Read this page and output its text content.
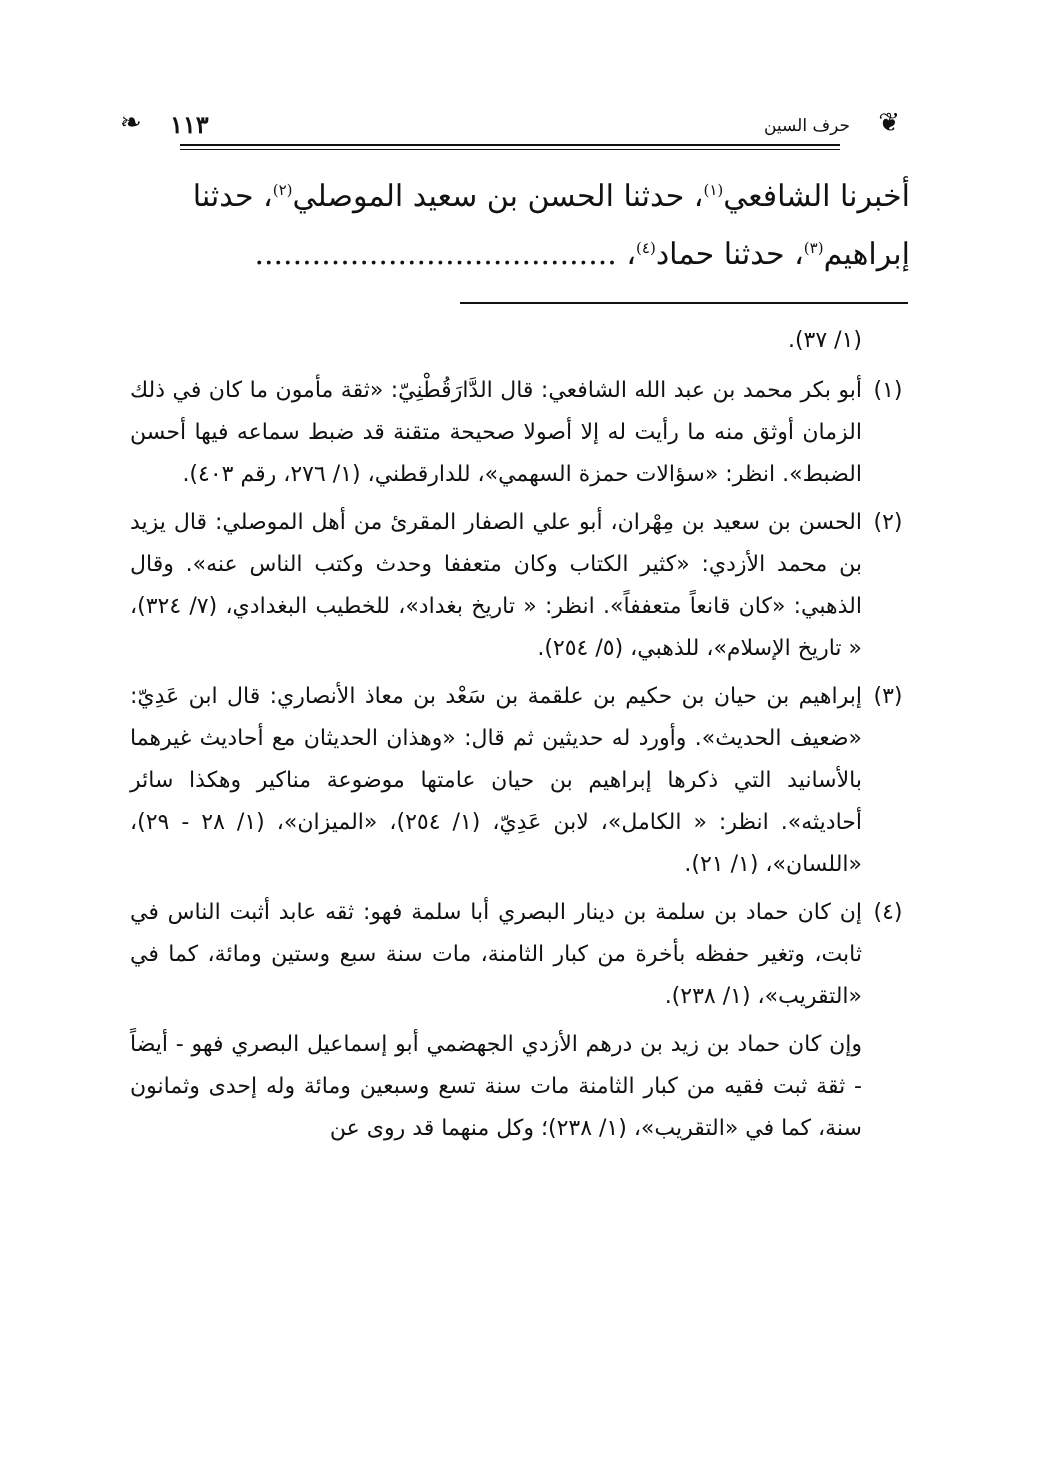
❦
❧	حرف السين
١١٣
أخبرنا الشافعي$^{(١)}$، حدثنا الحسن بن سعيد الموصلي$^{(٢)}$، حدثنا
إبراهيم$^{(٣)}$، حدثنا حماد$^{(٤)}$، ......................................
(١/ ٣٧).
(١)
أبو بكر محمد بن عبد الله الشافعي: قال الدَّارَقُطْنِيّ: «ثقة مأمون ما كان في ذلك الزمان أوثق منه ما رأيت له إلا أصولا صحيحة متقنة قد ضبط سماعه فيها أحسن الضبط». انظر: «سؤالات حمزة السهمي»، للدارقطني، (١/ ٢٧٦، رقم ٤٠٣).
(٢)
الحسن بن سعيد بن مِهْران، أبو علي الصفار المقرئ من أهل الموصلي: قال يزيد بن محمد الأزدي: «كثير الكتاب وكان متعففا وحدث وكتب الناس عنه». وقال الذهبي: «كان قانعاً متعففاً». انظر: « تاريخ بغداد»، للخطيب البغدادي، (٧/ ٣٢٤)، « تاريخ الإسلام»، للذهبي، (٥/ ٢٥٤).
(٣)
إبراهيم بن حيان بن حكيم بن علقمة بن سَعْد بن معاذ الأنصاري: قال ابن عَدِيّ: «ضعيف الحديث». وأورد له حديثين ثم قال: «وهذان الحديثان مع أحاديث غيرهما بالأسانيد التي ذكرها إبراهيم بن حيان عامتها موضوعة مناكير وهكذا سائر أحاديثه». انظر: « الكامل»، لابن عَدِيّ، (١/ ٢٥٤)، «الميزان»، (١/ ٢٨ - ٢٩)، «اللسان»، (١/ ٢١).
(٤)
إن كان حماد بن سلمة بن دينار البصري أبا سلمة فهو: ثقه عابد أثبت الناس في ثابت، وتغير حفظه بأخرة من كبار الثامنة، مات سنة سبع وستين ومائة، كما في «التقريب»، (١/ ٢٣٨).
وإن كان حماد بن زيد بن درهم الأزدي الجهضمي أبو إسماعيل البصري فهو - أيضاً - ثقة ثبت فقيه من كبار الثامنة مات سنة تسع وسبعين ومائة وله إحدى وثمانون سنة، كما في «التقريب»، (١/ ٢٣٨)؛ وكل منهما قد روى عن
